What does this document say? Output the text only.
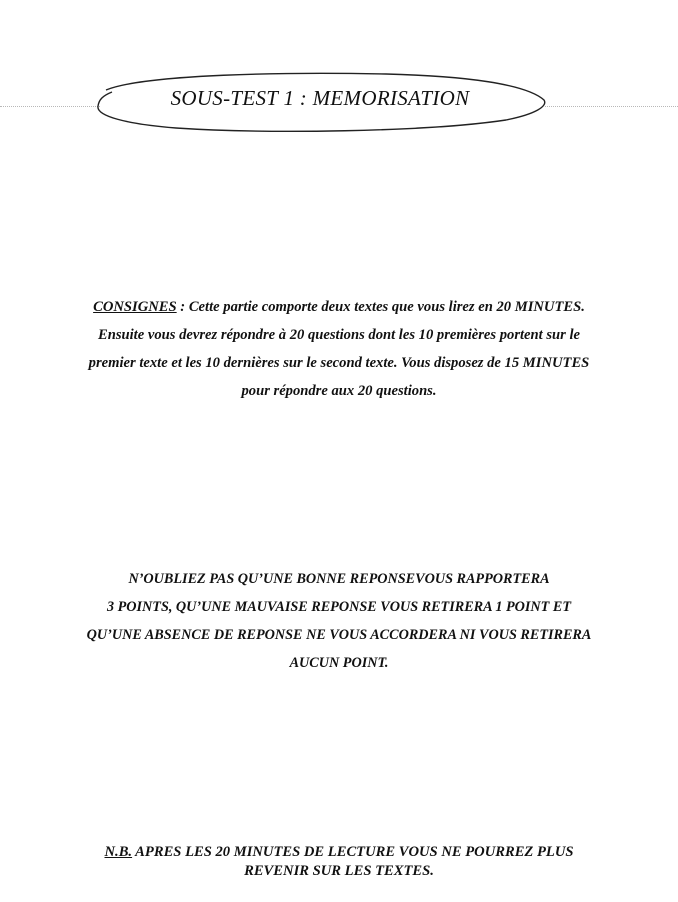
SOUS-TEST 1 : MEMORISATION
CONSIGNES : Cette partie comporte deux textes que vous lirez en 20 MINUTES.
Ensuite vous devrez répondre à 20 questions dont les 10 premières portent sur le
premier texte et les 10 dernières sur le second texte. Vous disposez de 15 MINUTES
pour répondre aux 20 questions.
N’OUBLIEZ PAS QU’UNE BONNE REPONSEVOUS RAPPORTERA
3 POINTS, QU’UNE MAUVAISE REPONSE VOUS RETIRERA 1 POINT ET
QU’UNE ABSENCE DE REPONSE NE VOUS ACCORDERA NI VOUS RETIRERA
AUCUN POINT.
N.B. APRES LES 20 MINUTES DE LECTURE VOUS NE POURREZ PLUS
REVENIR SUR LES TEXTES.
